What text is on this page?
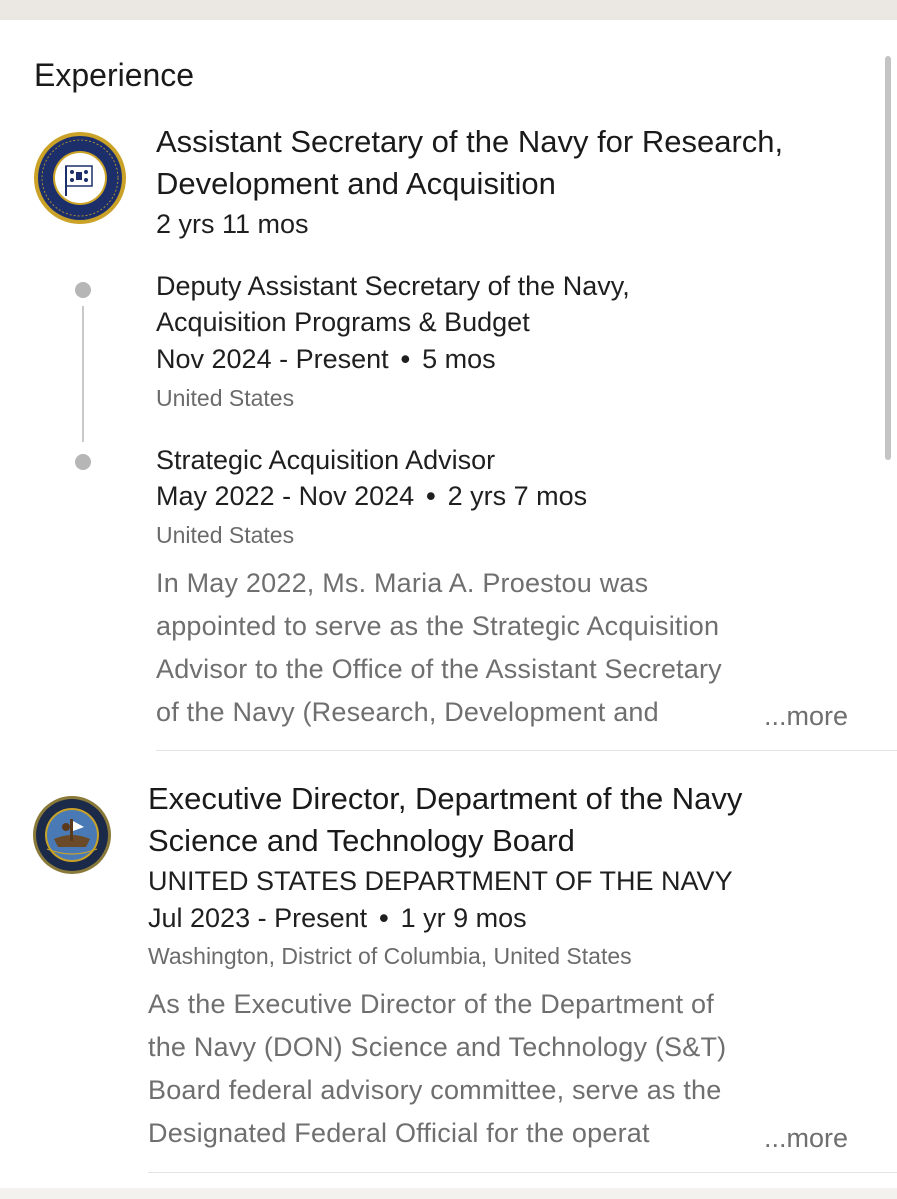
Experience
Assistant Secretary of the Navy for Research,
Development and Acquisition
2 yrs 11 mos
Deputy Assistant Secretary of the Navy,
Acquisition Programs & Budget
Nov 2024 - Present • 5 mos
United States
Strategic Acquisition Advisor
May 2022 - Nov 2024 • 2 yrs 7 mos
United States
In May 2022, Ms. Maria A. Proestou was
appointed to serve as the Strategic Acquisition
Advisor to the Office of the Assistant Secretary
of the Navy (Research, Development and	...more
Executive Director, Department of the Navy
Science and Technology Board
UNITED STATES DEPARTMENT OF THE NAVY
Jul 2023 - Present • 1 yr 9 mos
Washington, District of Columbia, United States
As the Executive Director of the Department of
the Navy (DON) Science and Technology (S&T)
Board federal advisory committee, serve as the
Designated Federal Official for the operat	...more
